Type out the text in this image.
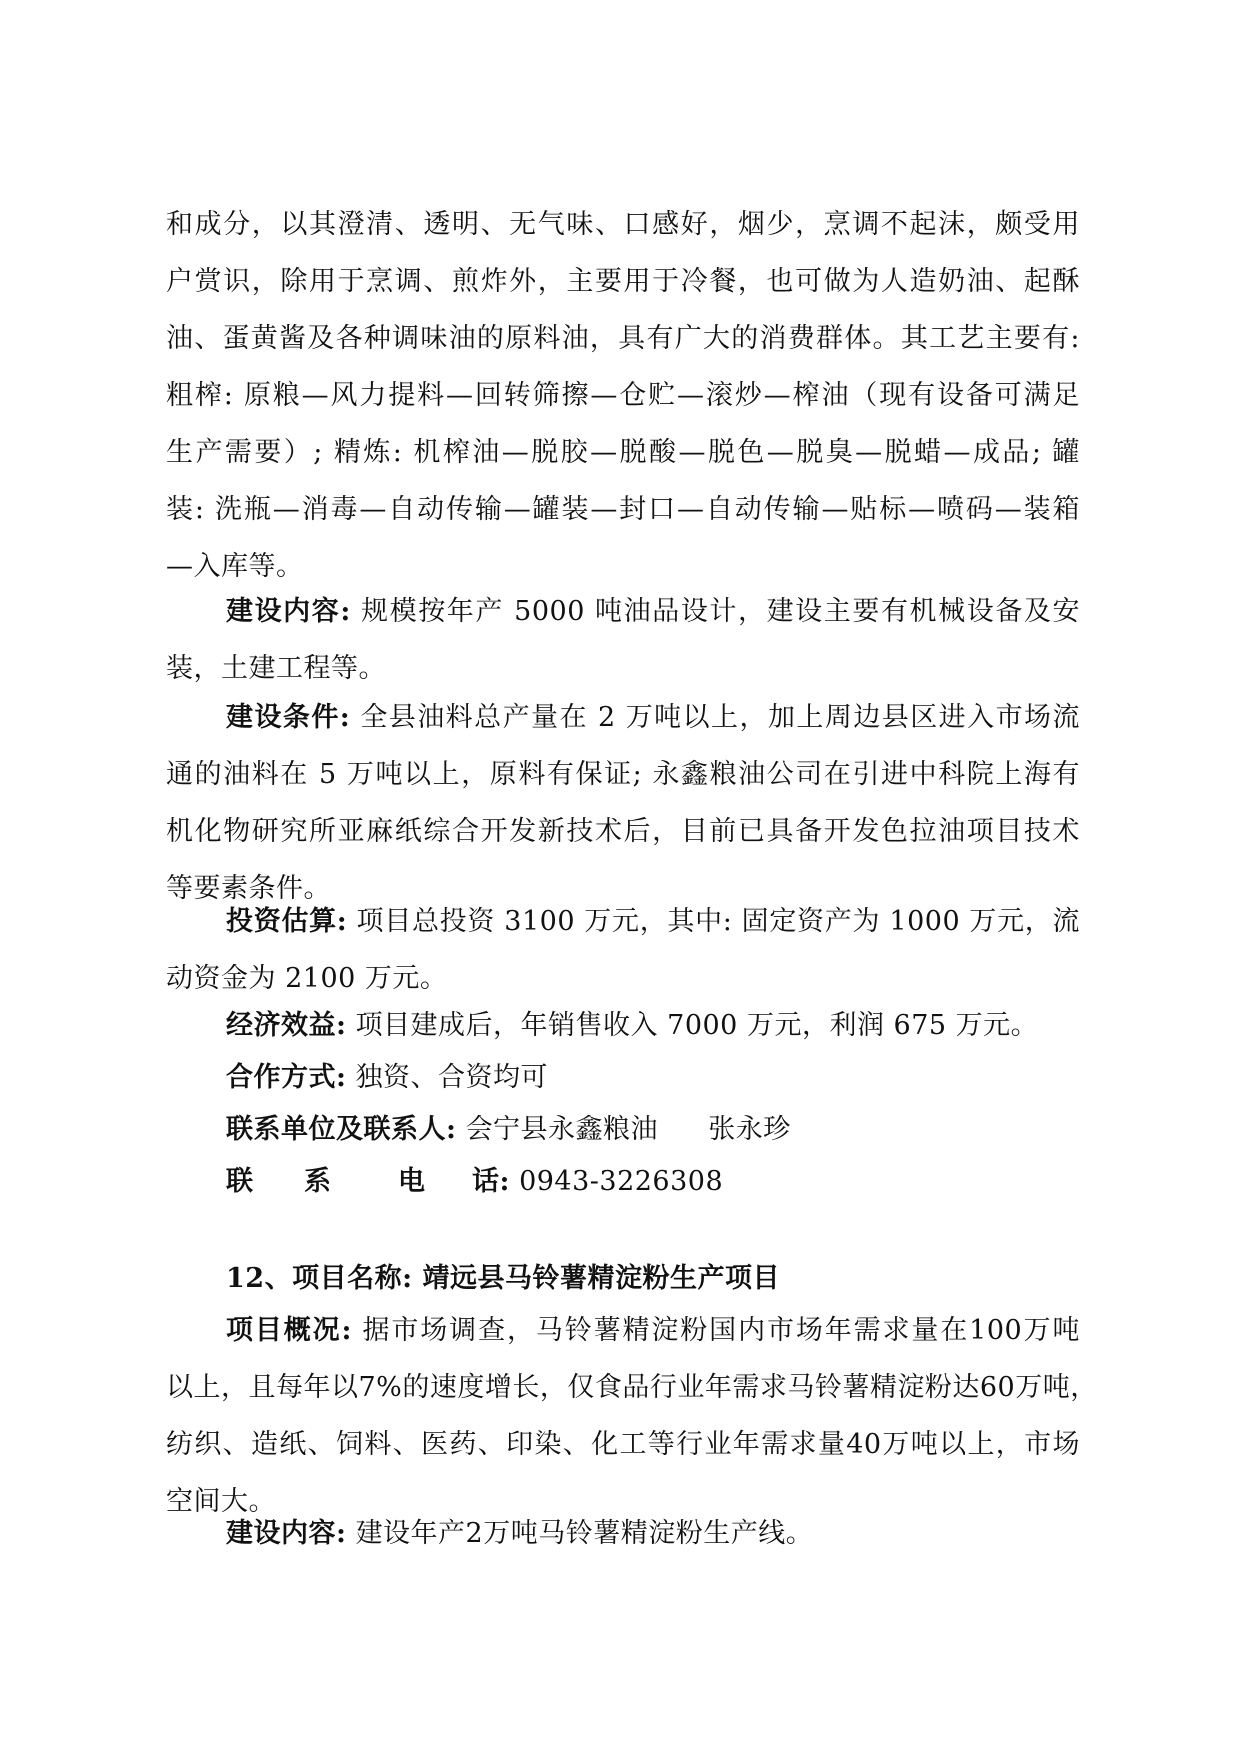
和成分，以其澄清、透明、无气味、口感好，烟少，烹调不起沫，颇受用
户赏识，除用于烹调、煎炸外，主要用于冷餐，也可做为人造奶油、起酥
油、蛋黄酱及各种调味油的原料油，具有广大的消费群体。其工艺主要有:
粗榨: 原粮—风力提料—回转筛擦—仓贮—滚炒—榨油（现有设备可满足
生产需要）; 精炼: 机榨油—脱胶—脱酸—脱色—脱臭—脱蜡—成品; 罐
装: 洗瓶—消毒—自动传输—罐装—封口—自动传输—贴标—喷码—装箱
—入库等。
建设内容: 规模按年产 5000 吨油品设计，建设主要有机械设备及安
装，土建工程等。
建设条件: 全县油料总产量在 2 万吨以上，加上周边县区进入市场流
通的油料在 5 万吨以上，原料有保证; 永鑫粮油公司在引进中科院上海有
机化物研究所亚麻纸综合开发新技术后，目前已具备开发色拉油项目技术
等要素条件。
投资估算: 项目总投资 3100 万元，其中: 固定资产为 1000 万元，流
动资金为 2100 万元。
经济效益: 项目建成后，年销售收入 7000 万元，利润 675 万元。
合作方式: 独资、合资均可
联系单位及联系人: 会宁县永鑫粮油 张永珍
联 系 电 话: 0943-3226308
12、项目名称: 靖远县马铃薯精淀粉生产项目
项目概况: 据市场调查，马铃薯精淀粉国内市场年需求量在100万吨
以上，且每年以7%的速度增长，仅食品行业年需求马铃薯精淀粉达60万吨，
纺织、造纸、饲料、医药、印染、化工等行业年需求量40万吨以上，市场
空间大。
建设内容: 建设年产2万吨马铃薯精淀粉生产线。
